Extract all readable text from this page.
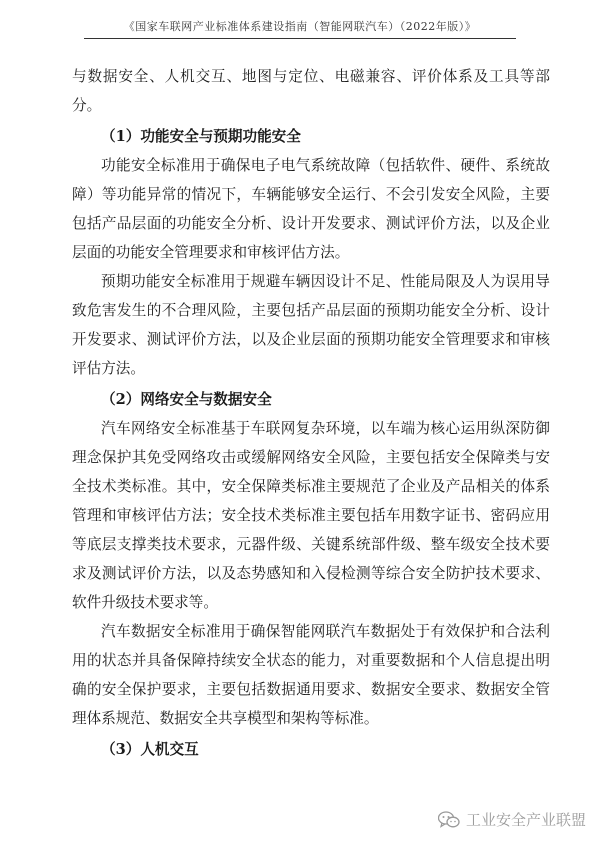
《国家车联网产业标准体系建设指南（智能网联汽车）（2022年版）》

与数据安全、人机交互、地图与定位、电磁兼容、评价体系及工具等部分。

（1）功能安全与预期功能安全

功能安全标准用于确保电子电气系统故障（包括软件、硬件、系统故障）等功能异常的情况下，车辆能够安全运行、不会引发安全风险，主要包括产品层面的功能安全分析、设计开发要求、测试评价方法，以及企业层面的功能安全管理要求和审核评估方法。

预期功能安全标准用于规避车辆因设计不足、性能局限及人为误用导致危害发生的不合理风险，主要包括产品层面的预期功能安全分析、设计开发要求、测试评价方法，以及企业层面的预期功能安全管理要求和审核评估方法。

（2）网络安全与数据安全

汽车网络安全标准基于车联网复杂环境，以车端为核心运用纵深防御理念保护其免受网络攻击或缓解网络安全风险，主要包括安全保障类与安全技术类标准。其中，安全保障类标准主要规范了企业及产品相关的体系管理和审核评估方法；安全技术类标准主要包括车用数字证书、密码应用等底层支撑类技术要求，元器件级、关键系统部件级、整车级安全技术要求及测试评价方法，以及态势感知和入侵检测等综合安全防护技术要求、软件升级技术要求等。

汽车数据安全标准用于确保智能网联汽车数据处于有效保护和合法利用的状态并具备保障持续安全状态的能力，对重要数据和个人信息提出明确的安全保护要求，主要包括数据通用要求、数据安全要求、数据安全管理体系规范、数据安全共享模型和架构等标准。

（3）人机交互
工业安全产业联盟
